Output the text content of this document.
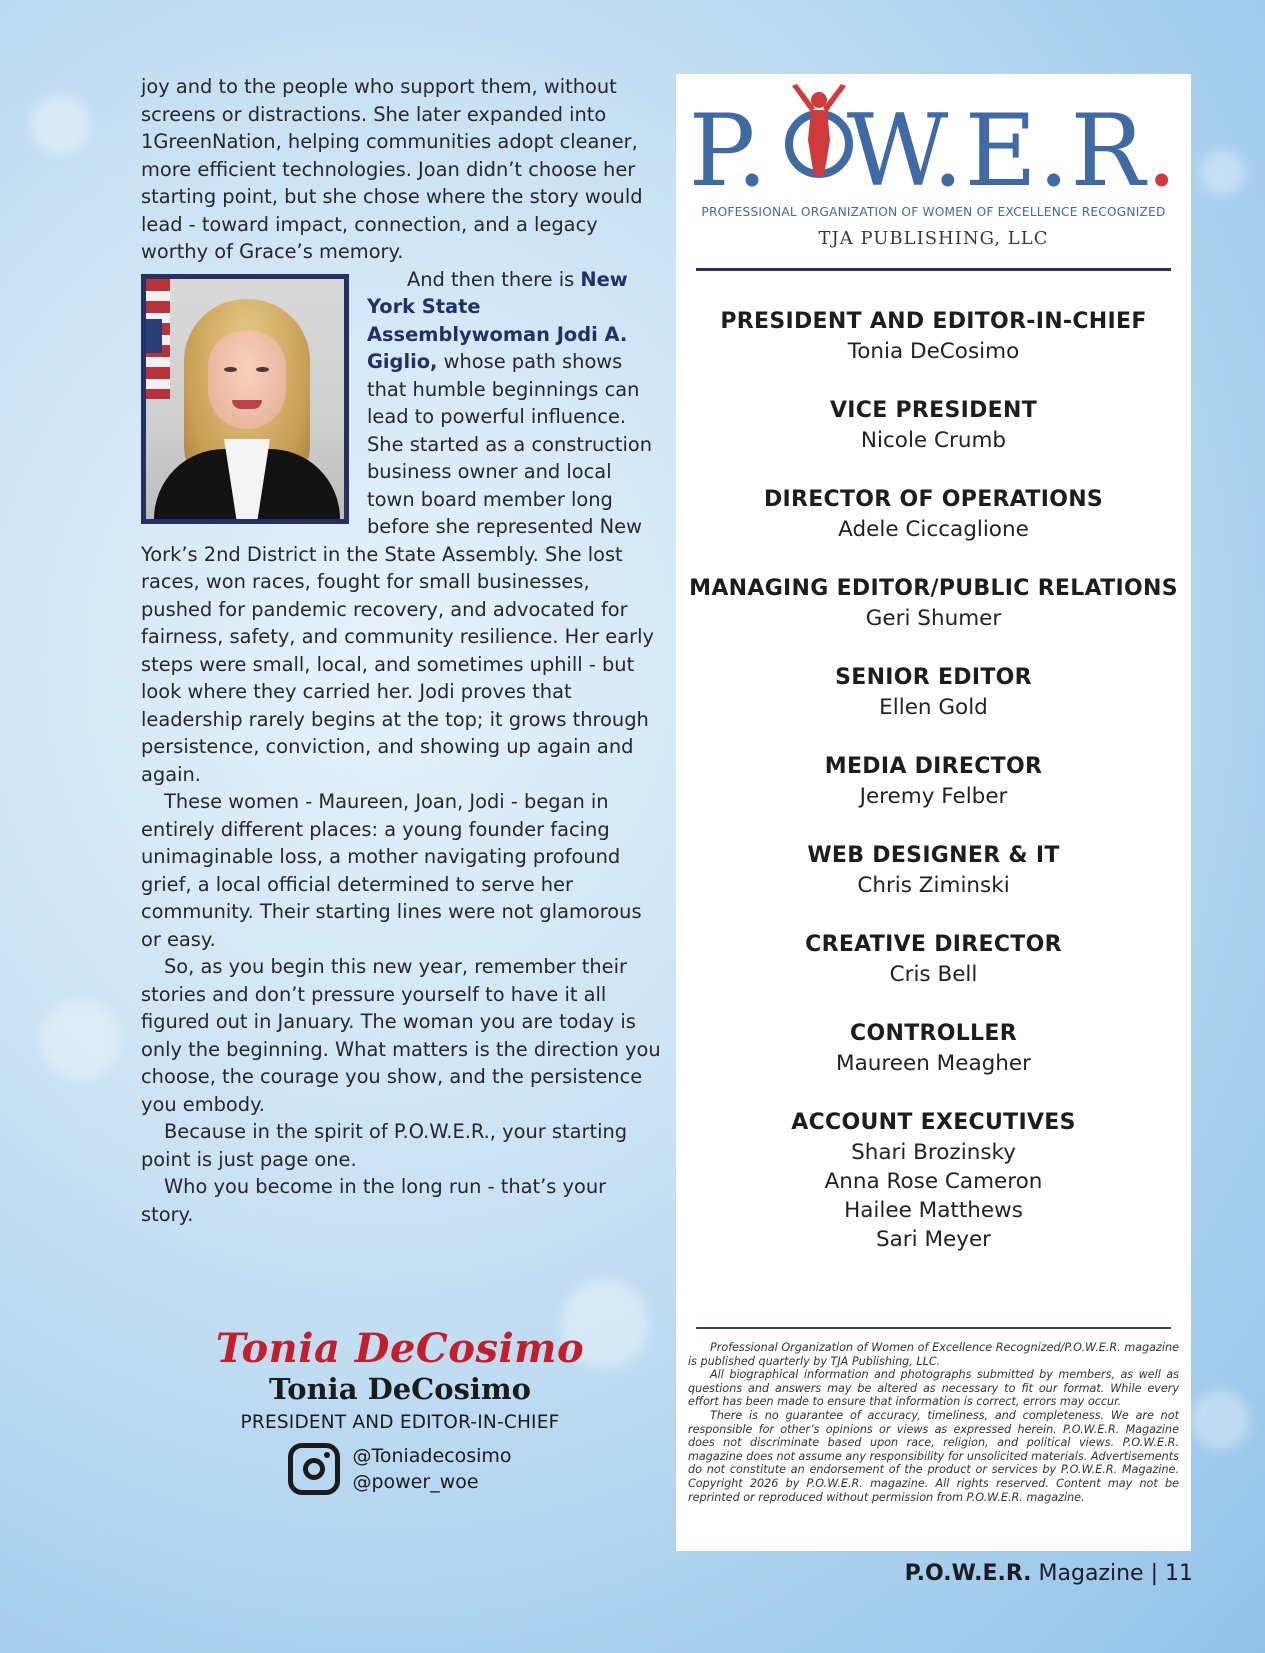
joy and to the people who support them, without screens or distractions. She later expanded into 1GreenNation, helping communities adopt cleaner, more efficient technologies. Joan didn’t choose her starting point, but she chose where the story would lead - toward impact, connection, and a legacy worthy of Grace’s memory.

And then there is New York State Assemblywoman Jodi A. Giglio, whose path shows that humble beginnings can lead to powerful influence. She started as a construction business owner and local town board member long before she represented New York’s 2nd District in the State Assembly. She lost races, won races, fought for small businesses, pushed for pandemic recovery, and advocated for fairness, safety, and community resilience. Her early steps were small, local, and sometimes uphill - but look where they carried her. Jodi proves that leadership rarely begins at the top; it grows through persistence, conviction, and showing up again and again.

These women - Maureen, Joan, Jodi - began in entirely different places: a young founder facing unimaginable loss, a mother navigating profound grief, a local official determined to serve her community. Their starting lines were not glamorous or easy.

So, as you begin this new year, remember their stories and don’t pressure yourself to have it all figured out in January. The woman you are today is only the beginning. What matters is the direction you choose, the courage you show, and the persistence you embody.

Because in the spirit of P.O.W.E.R., your starting point is just page one.

Who you become in the long run - that’s your story.

Tonia DeCosimo
Tonia DeCosimo
PRESIDENT AND EDITOR-IN-CHIEF
@Toniadecosimo
@power_woe
P. W.E.R.
PROFESSIONAL ORGANIZATION OF WOMEN OF EXCELLENCE RECOGNIZED
TJA PUBLISHING, LLC
PRESIDENT AND EDITOR-IN-CHIEF
Tonia DeCosimo
VICE PRESIDENT
Nicole Crumb
DIRECTOR OF OPERATIONS
Adele Ciccaglione
MANAGING EDITOR/PUBLIC RELATIONS
Geri Shumer
SENIOR EDITOR
Ellen Gold
MEDIA DIRECTOR
Jeremy Felber
WEB DESIGNER & IT
Chris Ziminski
CREATIVE DIRECTOR
Cris Bell
CONTROLLER
Maureen Meagher
ACCOUNT EXECUTIVES
Shari Brozinsky
Anna Rose Cameron
Hailee Matthews
Sari Meyer

Professional Organization of Women of Excellence Recognized/P.O.W.E.R. magazine is published quarterly by TJA Publishing, LLC.

All biographical information and photographs submitted by members, as well as questions and answers may be altered as necessary to fit our format. While every effort has been made to ensure that information is correct, errors may occur.

There is no guarantee of accuracy, timeliness, and completeness. We are not responsible for other’s opinions or views as expressed herein. P.O.W.E.R. Magazine does not discriminate based upon race, religion, and political views. P.O.W.E.R. magazine does not assume any responsibility for unsolicited materials. Advertisements do not constitute an endorsement of the product or services by P.O.W.E.R. Magazine. Copyright 2026 by P.O.W.E.R. magazine. All rights reserved. Content may not be reprinted or reproduced without permission from P.O.W.E.R. magazine.

P.O.W.E.R. Magazine | 11
